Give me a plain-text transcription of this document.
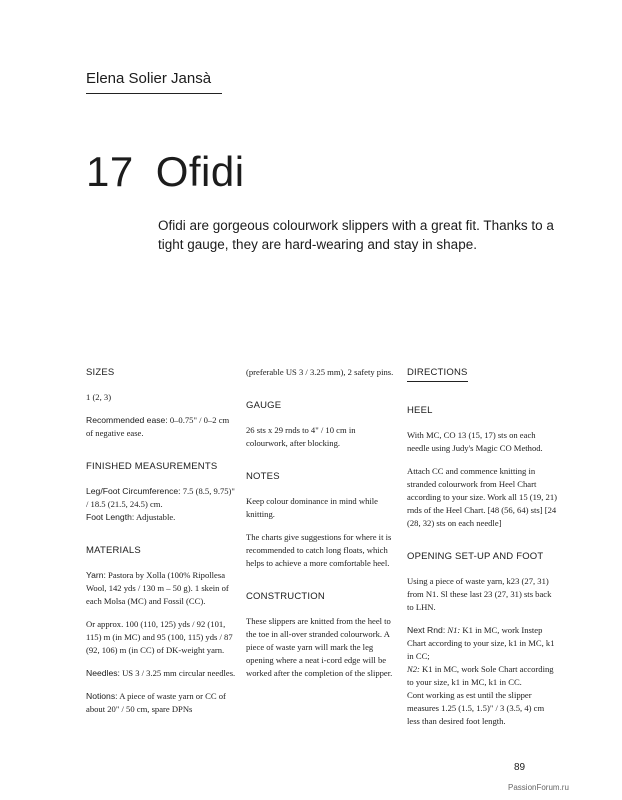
Elena Solier Jansà
17 Ofidi
Ofidi are gorgeous colourwork slippers with a great fit. Thanks to a tight gauge, they are hard-wearing and stay in shape.
SIZES

1 (2, 3)

Recommended ease: 0–0.75" / 0–2 cm of negative ease.

FINISHED MEASUREMENTS

Leg/Foot Circumference: 7.5 (8.5, 9.75)" / 18.5 (21.5, 24.5) cm.

Foot Length: Adjustable.

MATERIALS

Yarn: Pastora by Xolla (100% Ripollesa Wool, 142 yds / 130 m – 50 g). 1 skein of each Molsa (MC) and Fossil (CC).

Or approx. 100 (110, 125) yds / 92 (101, 115) m (in MC) and 95 (100, 115) yds / 87 (92, 106) m (in CC) of DK-weight yarn.

Needles: US 3 / 3.25 mm circular needles.

Notions: A piece of waste yarn or CC of about 20" / 50 cm, spare DPNs

(preferable US 3 / 3.25 mm), 2 safety pins.

GAUGE

26 sts x 29 rnds to 4" / 10 cm in colourwork, after blocking.

NOTES

Keep colour dominance in mind while knitting.

The charts give suggestions for where it is recommended to catch long floats, which helps to achieve a more comfortable heel.

CONSTRUCTION

These slippers are knitted from the heel to the toe in all-over stranded colourwork. A piece of waste yarn will mark the leg opening where a neat i-cord edge will be worked after the completion of the slipper.

DIRECTIONS
HEEL

With MC, CO 13 (15, 17) sts on each needle using Judy's Magic CO Method.

Attach CC and commence knitting in stranded colourwork from Heel Chart according to your size. Work all 15 (19, 21) rnds of the Heel Chart. [48 (56, 64) sts] [24 (28, 32) sts on each needle]

OPENING SET-UP AND FOOT

Using a piece of waste yarn, k23 (27, 31) from N1. Sl these last 23 (27, 31) sts back to LHN.

Next Rnd: N1: K1 in MC, work Instep Chart according to your size, k1 in MC, k1 in CC;

N2: K1 in MC, work Sole Chart according to your size, k1 in MC, k1 in CC.

Cont working as est until the slipper measures 1.25 (1.5, 1.5)" / 3 (3.5, 4) cm less than desired foot length.

89
PassionForum.ru
